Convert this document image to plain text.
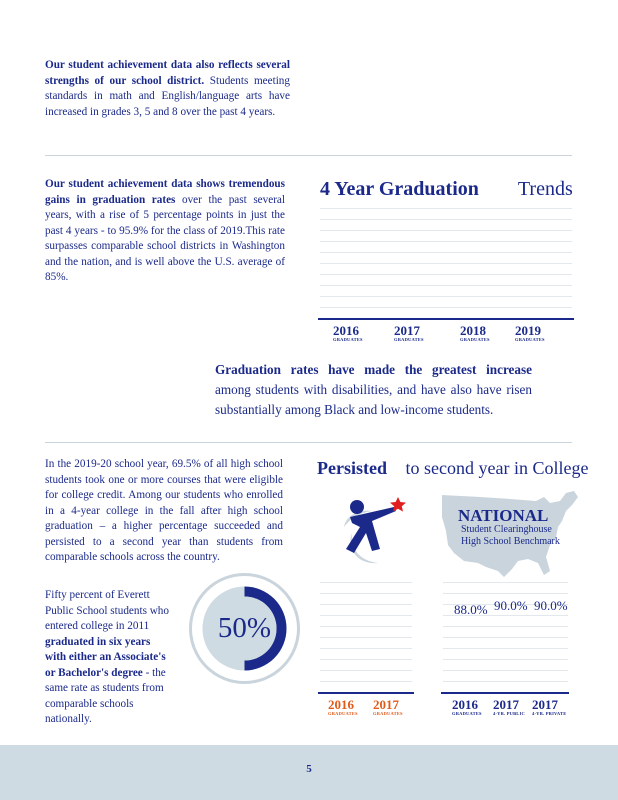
Our student achievement data also reflects several strengths of our school district. Students meeting standards in math and English/language arts have increased in grades 3, 5 and 8 over the past 4 years.
Our student achievement data shows tremendous gains in graduation rates over the past several years, with a rise of 5 percentage points in just the past 4 years - to 95.9% for the class of 2019.This rate surpasses comparable school districts in Washington and the nation, and is well above the U.S. average of 85%.
4 Year Graduation Trends
2016
GRADUATES
2017
GRADUATES
2018
GRADUATES
2019
GRADUATES
Graduation rates have made the greatest increase among students with disabilities, and have also have risen substantially among Black and low-income students.
In the 2019-20 school year, 69.5% of all high school students took one or more courses that were eligible for college credit. Among our students who enrolled in a 4-year college in the fall after high school graduation – a higher percentage succeeded and persisted to a second year than students from comparable schools across the country.
Fifty percent of Everett Public School students who entered college in 2011 graduated in six years with either an Associate's or Bachelor's degree - the same rate as students from comparable schools nationally.
50%
Persisted to second year in College
NATIONAL
Student Clearinghouse
High School Benchmark
2016
GRADUATES
2017
GRADUATES
88.0% 90.0% 90.0%
2016
GRADUATES
2017
4-YR. PUBLIC
2017
4-YR. PRIVATE
5
